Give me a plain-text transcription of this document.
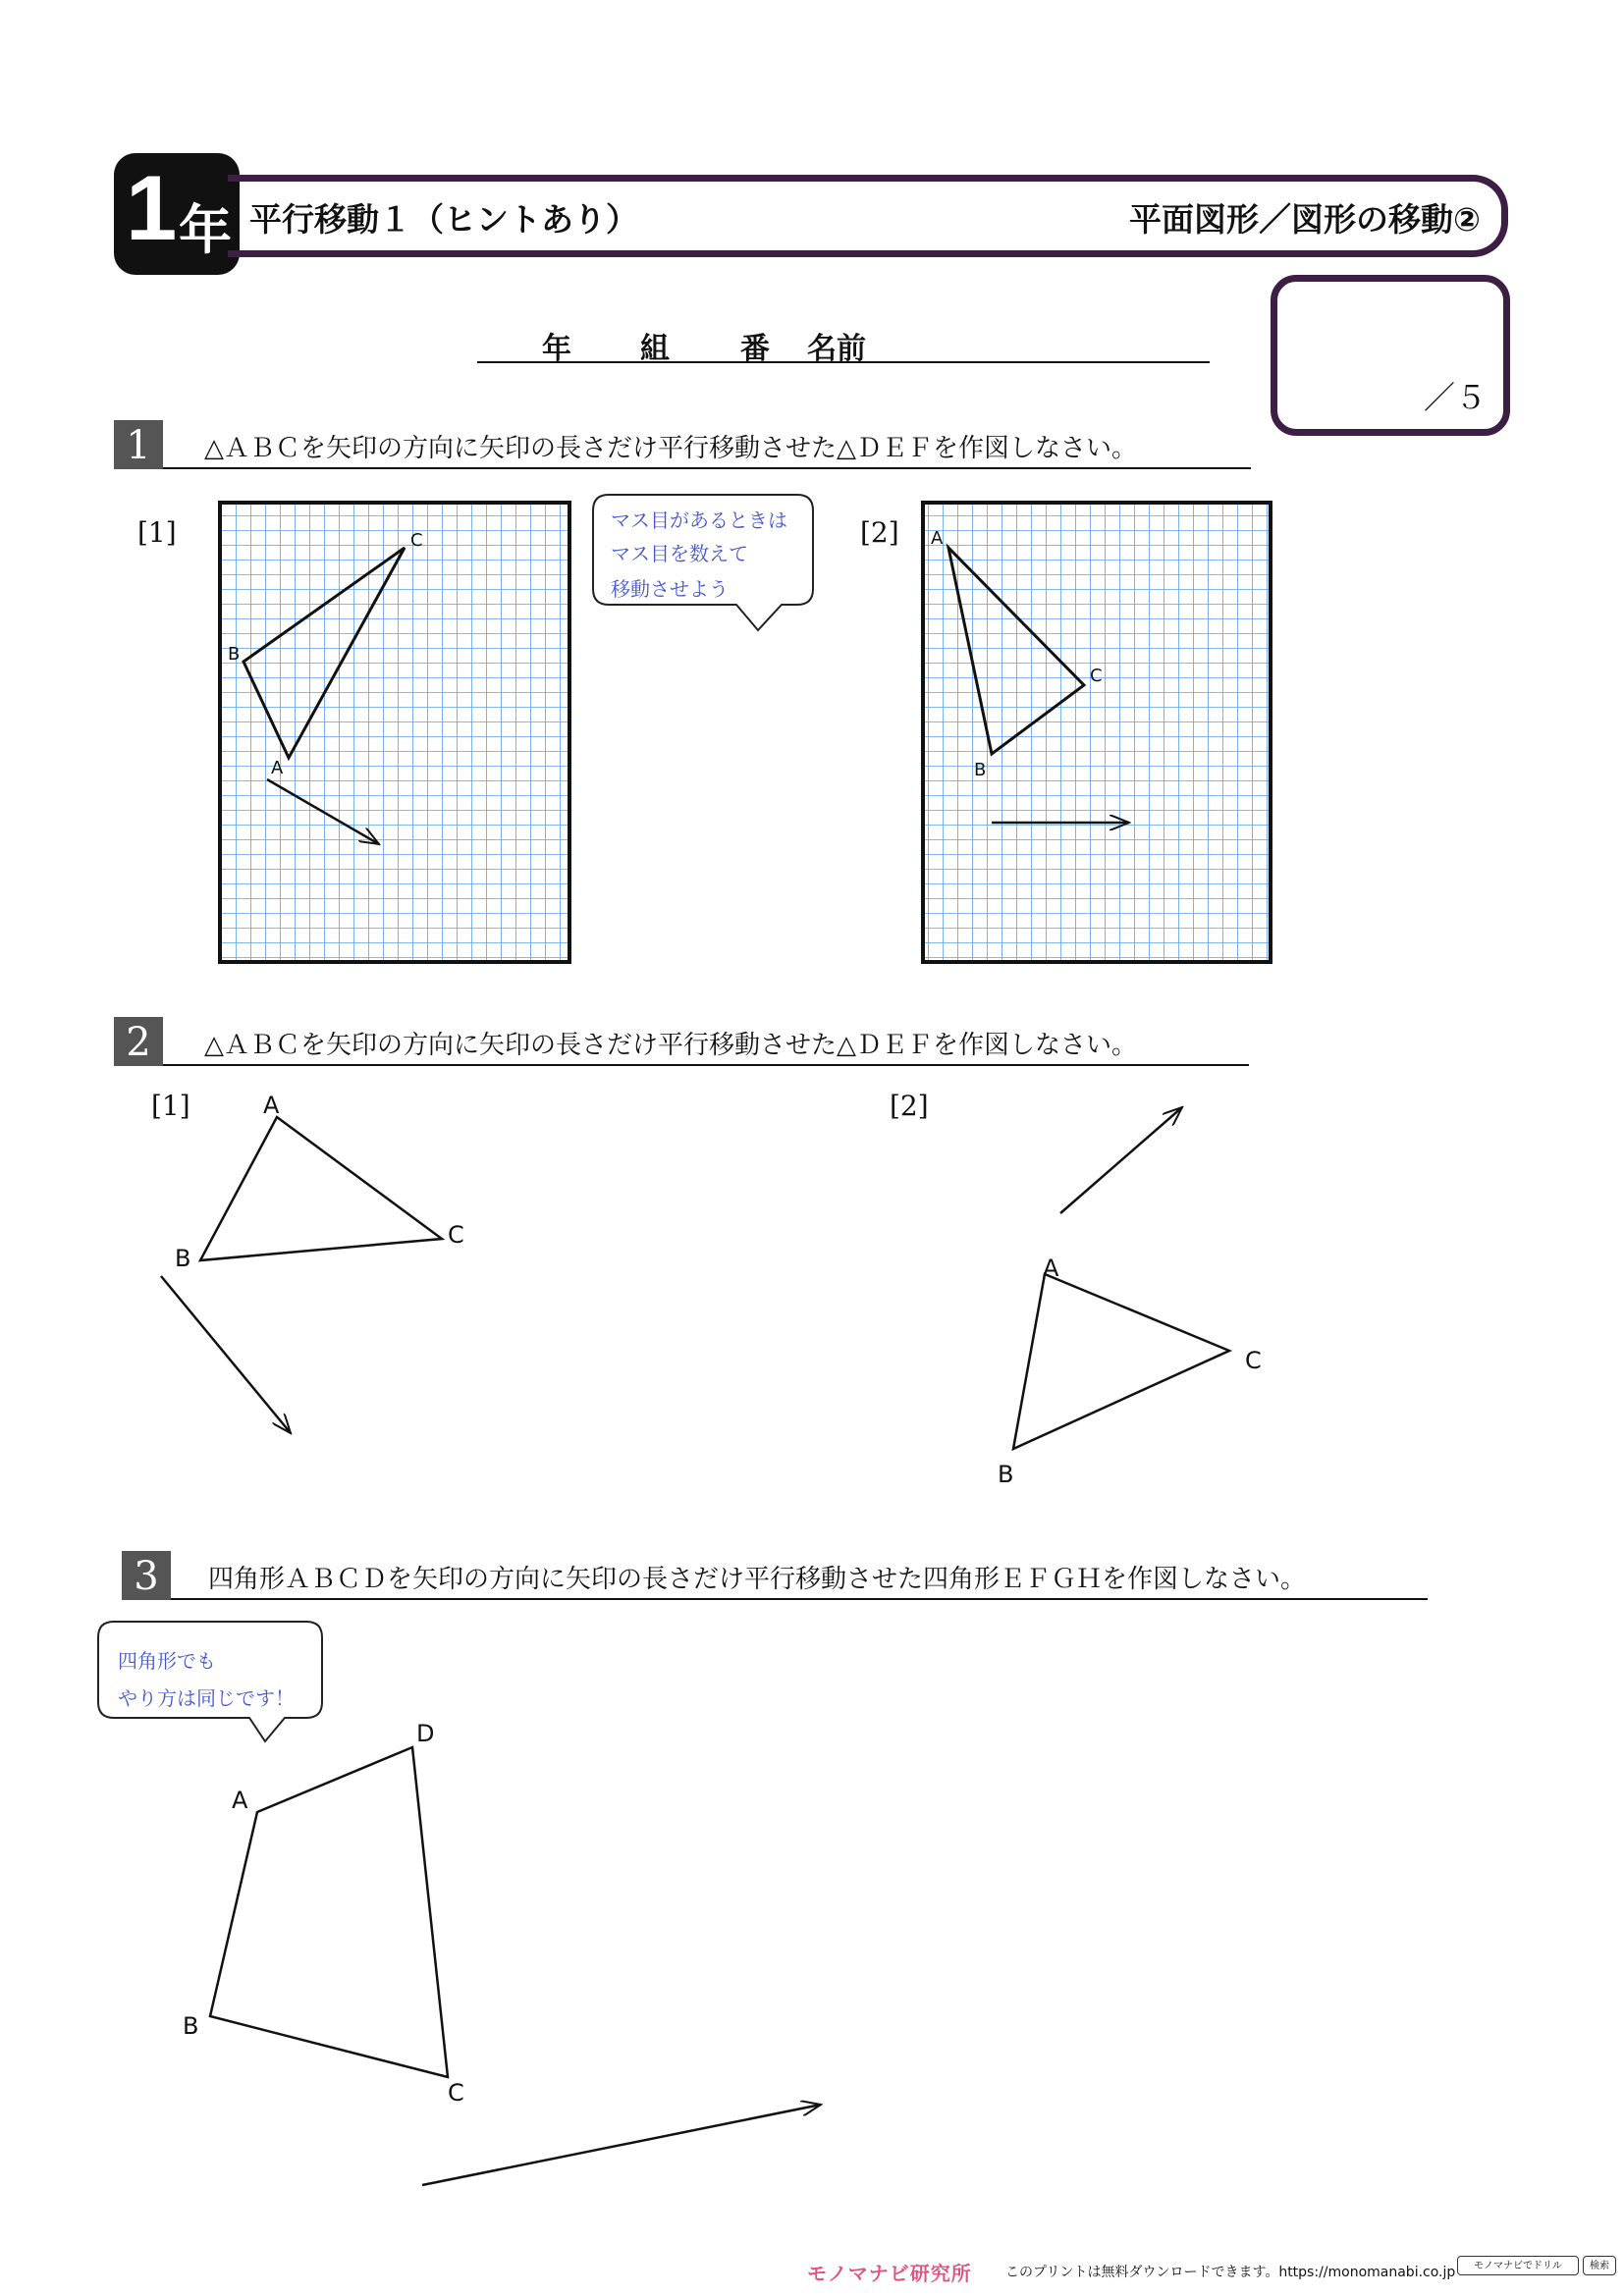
1 年 平行移動１（ヒントあり）	平面図形／図形の移動②
／５
年 組 番 名前
1	△ＡＢＣを矢印の方向に矢印の長さだけ平行移動させた△ＤＥＦを作図しなさい。
[1]	[2]
C
B
A
A
C
B
マス目があるときは
マス目を数えて
移動させよう
2	△ＡＢＣを矢印の方向に矢印の長さだけ平行移動させた△ＤＥＦを作図しなさい。
[1]	[2]
A
B
C
A
C
B
3	四角形ＡＢＣＤを矢印の方向に矢印の長さだけ平行移動させた四角形ＥＦＧＨを作図しなさい。
四角形でも
やり方は同じです！
A
B
C
D
モノマナビ研究所 このプリントは無料ダウンロードできます。https://monomanabi.co.jp	モノマナビでドリル	検索
